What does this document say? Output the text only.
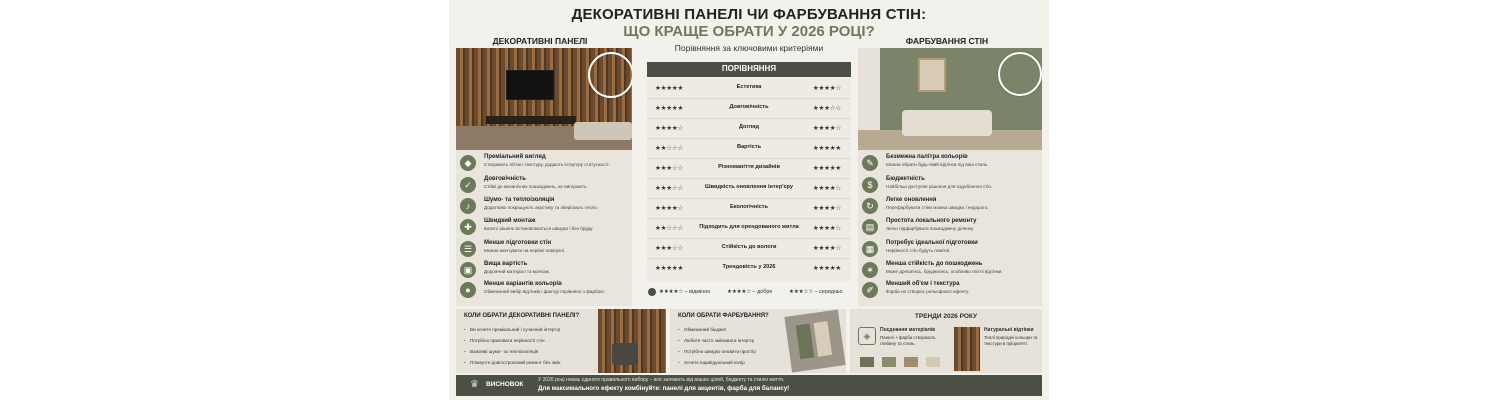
ДЕКОРАТИВНІ ПАНЕЛІ ЧИ ФАРБУВАННЯ СТІН:
ЩО КРАЩЕ ОБРАТИ У 2026 РОЦІ?
Порівняння за ключовими критеріями
ДЕКОРАТИВНІ ПАНЕЛІ
◆
Преміальний вигляд
Створюють об'єм і текстуру, додають інтер'єру статусності.
✓
Довговічність
Стійкі до механічних пошкоджень, не вигорають.
♪
Шумо- та теплоізоляція
Додатково покращують акустику та зберігають тепло.
✚
Швидкий монтаж
Багато рішень встановлюються швидко і без бруду.
☰
Менше підготовки стін
Можна монтувати на нерівні поверхні.
▣
Вища вартість
Дорожчий матеріал та монтаж.
●
Менше варіантів кольорів
Обмежений вибір відтінків і фактур порівняно з фарбою.
ПОРІВНЯННЯ
★★★★★	Естетика	★★★★☆
★★★★★	Довговічність	★★★☆☆
★★★★☆	Догляд	★★★★☆
★★☆☆☆	Вартість	★★★★★
★★★☆☆	Різноманіття дизайнів	★★★★★
★★★☆☆	Швидкість оновлення інтер'єру	★★★★☆
★★★★☆	Екологічність	★★★★☆
★★☆☆☆	Підходить для орендованого житла	★★★★☆
★★★☆☆	Стійкість до вологи	★★★★☆
★★★★★	Трендовість у 2026	★★★★★
★★★★☆ – відмінно	★★★★☆ – добре	★★★☆☆ – середньо
ФАРБУВАННЯ СТІН
✎
Безмежна палітра кольорів
Можна обрати будь-який відтінок під ваш стиль.
$
Бюджетність
Найбільш доступне рішення для оздоблення стін.
↻
Легке оновлення
Перефарбувати стіни можна швидко і недорого.
▤
Простота локального ремонту
Легко підфарбувати пошкоджену ділянку.
▦
Потребує ідеальної підготовки
Нерівності стін будуть помітні.
✶
Менша стійкість до пошкоджень
Може дряпатись, бруднитись, особливо світлі відтінки.
✐
Менший об'єм і текстура
Фарба не створює рельєфного ефекту.
КОЛИ ОБРАТИ ДЕКОРАТИВНІ ПАНЕЛІ?
• Ви хочете преміальний і сучасний інтер'єр
• Потрібно приховати нерівності стін
• Важливі шумо- та теплоізоляція
• Плануєте довгостроковий ремонт без змін
КОЛИ ОБРАТИ ФАРБУВАННЯ?
• Обмежений бюджет
• Любите часто змінювати інтер'єр
• Потрібно швидко оновити простір
• Хочете індивідуальний колір
ТРЕНДИ 2026 РОКУ
◈
Поєднання матеріалів
Панелі + фарба створюють глибину та стиль.
Натуральні відтінки
Теплі природні кольори та текстури в пріоритеті.
♛ ВИСНОВОК
У 2026 році немає єдиного правильного вибору – все залежить від ваших цілей, бюджету та стилю життя.
Для максимального ефекту комбінуйте: панелі для акцентів, фарба для балансу!
